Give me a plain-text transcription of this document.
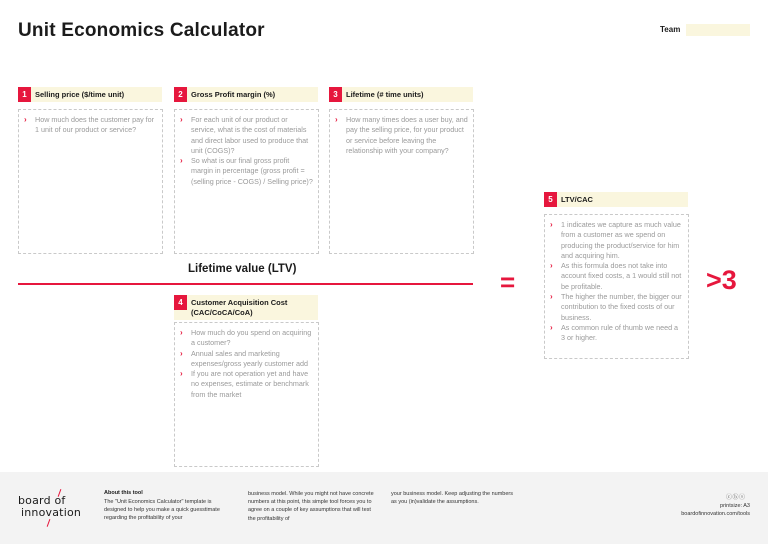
Unit Economics Calculator	Team
1	Selling price ($/time unit)
›	How much does the customer pay for 1 unit of our product or service?
2	Gross Profit margin (%)
›	For each unit of our product or service, what is the cost of materials and direct labor used to produce that unit (COGS)?
›	So what is our final gross profit margin in percentage (gross profit = (selling price - COGS) / Selling price)?
3	Lifetime (# time units)
›	How many times does a user buy, and pay the selling price, for your product or service before leaving the relationship with your company?
Lifetime value (LTV)
4	Customer Acquisition Cost (CAC/CoCA/CoA)
›	How much do you spend on acquiring a customer?
›	Annual sales and marketing expenses/gross yearly customer add
›	If you are not operation yet and have no expenses, estimate or benchmark from the market
=
5	LTV/CAC
›	1 indicates we capture as much value from a customer as we spend on producing the product/service for him and acquiring him.
›	As this formula does not take into account fixed costs, a 1 would still not be profitable.
›	The higher the number, the bigger our contribution to the fixed costs of our business.
›	As common rule of thumb we need a 3 or higher.
>3
board of
innovation
About this tool
The "Unit Economics Calculator" template is designed to help you make a quick guesstimate regarding the profitability of your
business model. While you might not have concrete numbers at this point, this simple tool forces you to agree on a couple of key assumptions that will test the profitability of
your business model. Keep adjusting the numbers as you (in)validate the assumptions.
ⓒⓑⓢ
printsize: A3
boardofinnovation.com/tools
